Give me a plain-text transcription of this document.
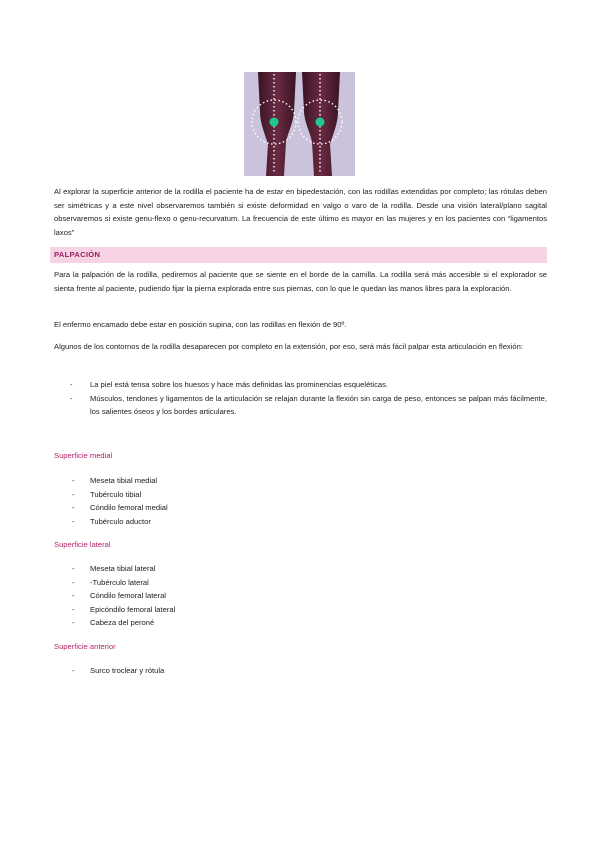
Al explorar la superficie anterior de la rodilla el paciente ha de estar en bipedestación, con las rodillas extendidas por completo; las rótulas deben ser simétricas y a este nivel observaremos también si existe deformidad en valgo o varo de la rodilla. Desde una visión lateral/plano sagital observaremos si existe genu-flexo o genu-recurvatum. La frecuencia de este último es mayor en las mujeres y en los pacientes con “ligamentos laxos”
PALPACIÓN
Para la palpación de la rodilla, pediremos al paciente que se siente en el borde de la camilla. La rodilla será más accesible si el explorador se sienta frente al paciente, pudiendo fijar la pierna explorada entre sus piernas, con lo que le quedan las manos libres para la exploración.
El enfermo encamado debe estar en posición supina, con las rodillas en flexión de 90º.
Algunos de los contornos de la rodilla desaparecen por completo en la extensión, por eso, será más fácil palpar esta articulación en flexión:
- La piel está tensa sobre los huesos y hace más definidas las prominencias esqueléticas.
- Músculos, tendones y ligamentos de la articulación se relajan durante la flexión sin carga de peso, entonces se palpan más fácilmente, los salientes óseos y los bordes articulares.
Superficie medial
- Meseta tibial medial
- Tubérculo tibial
- Cóndilo femoral medial
- Tubérculo aductor
Superficie lateral
- Meseta tibial lateral
- -Tubérculo lateral
- Cóndilo femoral lateral
- Epicóndilo femoral lateral
- Cabeza del peroné
Superficie anterior
- Surco troclear y rótula
